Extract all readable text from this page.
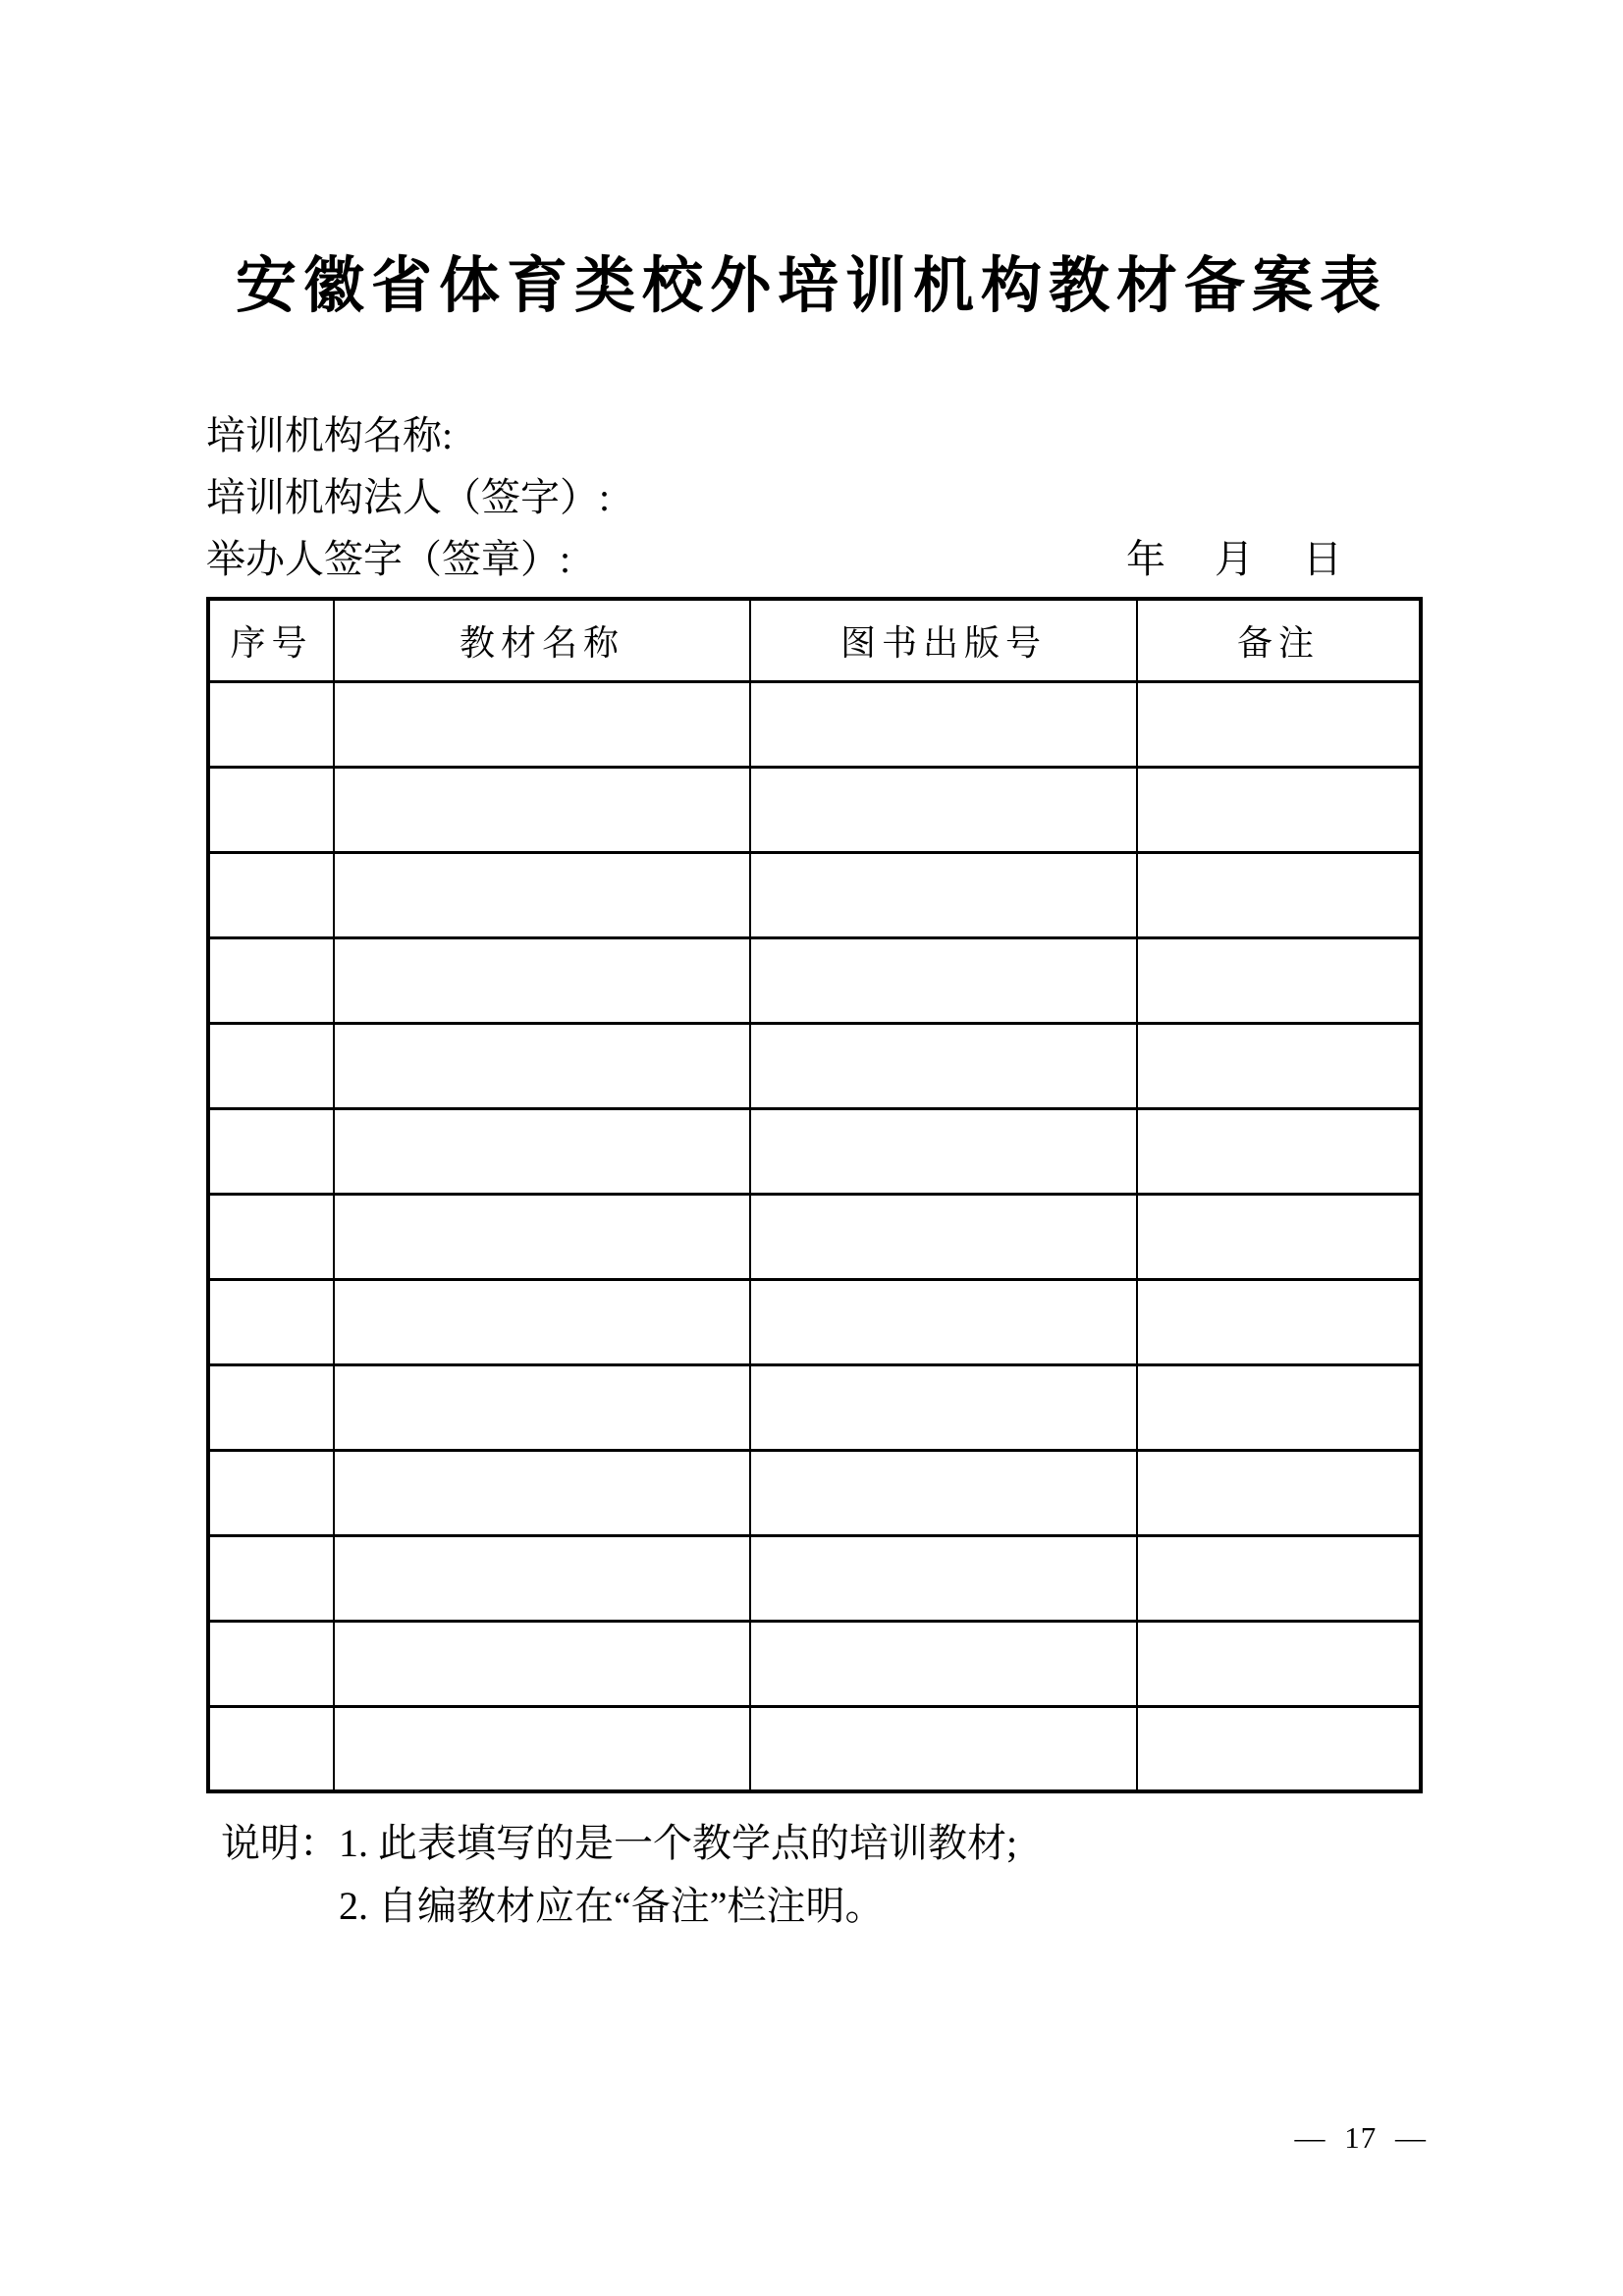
安徽省体育类校外培训机构教材备案表
培训机构名称:
培训机构法人（签字）:
举办人签字（签章）:	年 月 日
序号	教材名称	图书出版号	备注

说明： 1. 此表填写的是一个教学点的培训教材;
2. 自编教材应在“备注”栏注明。
— 17 —
